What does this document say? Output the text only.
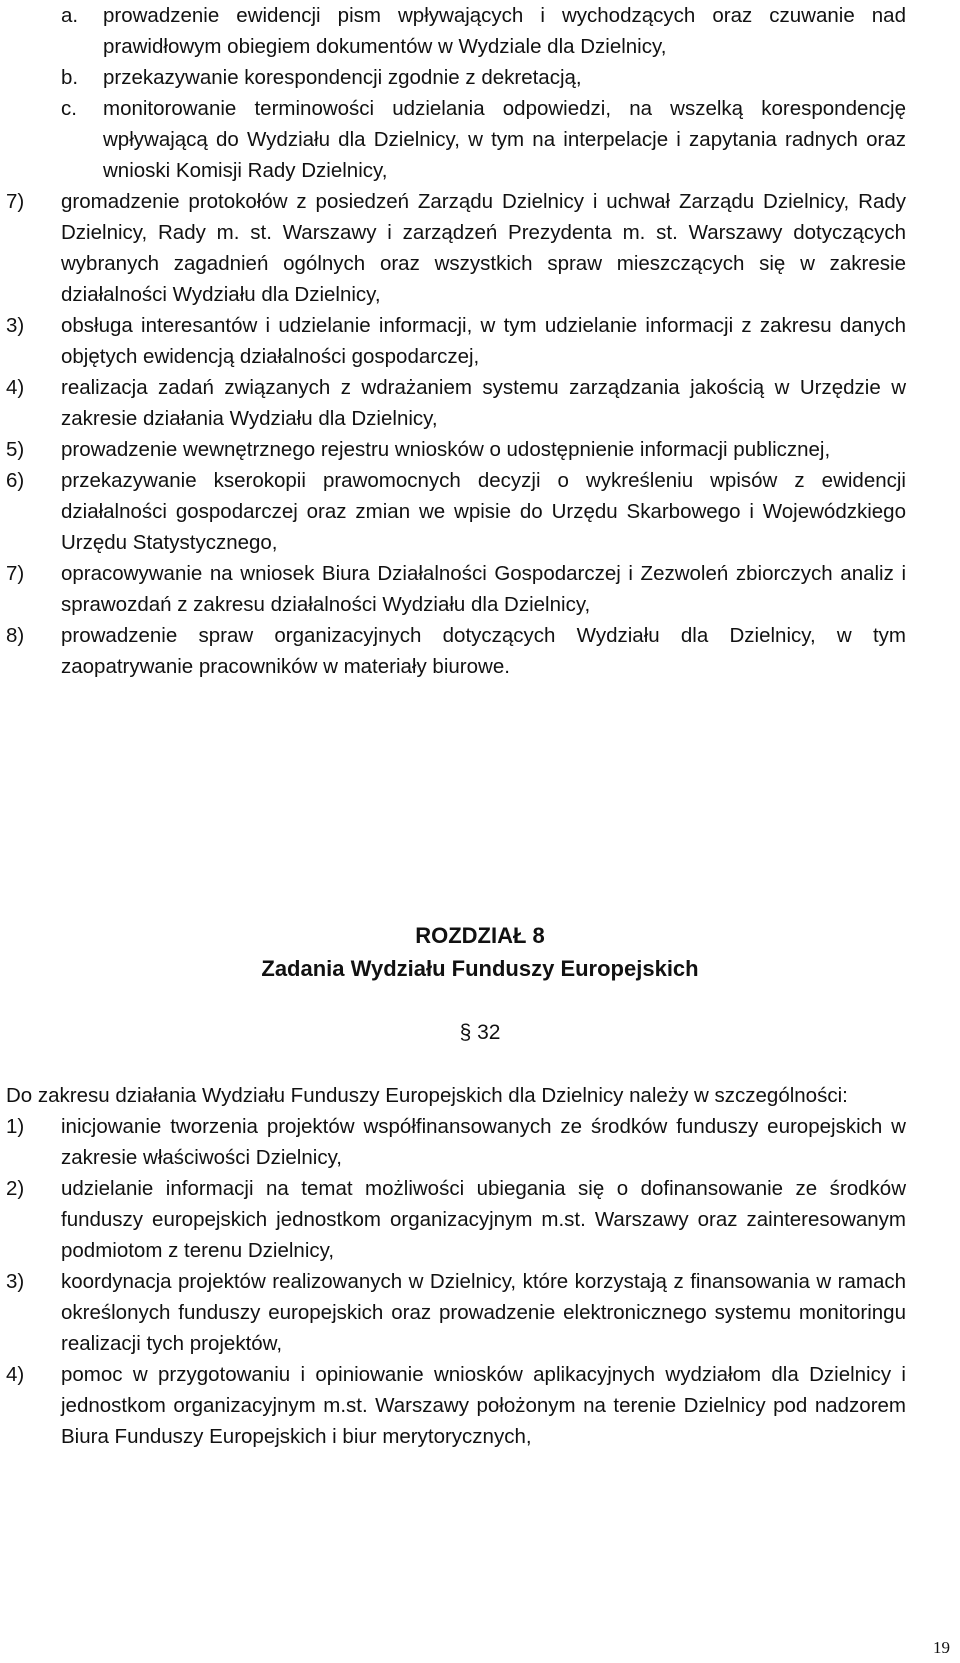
a.	prowadzenie ewidencji pism wpływających i wychodzących oraz czuwanie nad prawidłowym obiegiem dokumentów w Wydziale dla Dzielnicy,
b.	przekazywanie korespondencji zgodnie z dekretacją,
c.	monitorowanie terminowości udzielania odpowiedzi, na wszelką korespondencję wpływającą do Wydziału dla Dzielnicy, w tym na interpelacje i zapytania radnych oraz wnioski Komisji Rady Dzielnicy,
7)	gromadzenie protokołów z posiedzeń Zarządu Dzielnicy i uchwał Zarządu Dzielnicy, Rady Dzielnicy, Rady m. st. Warszawy i zarządzeń Prezydenta m. st. Warszawy dotyczących wybranych zagadnień ogólnych oraz wszystkich spraw mieszczących się w zakresie działalności Wydziału dla Dzielnicy,
3)	obsługa interesantów i udzielanie informacji, w tym udzielanie informacji z zakresu danych objętych ewidencją działalności gospodarczej,
4)	realizacja zadań związanych z wdrażaniem systemu zarządzania jakością w Urzędzie w zakresie działania Wydziału dla Dzielnicy,
5)	prowadzenie wewnętrznego rejestru wniosków o udostępnienie informacji publicznej,
6)	przekazywanie kserokopii prawomocnych decyzji o wykreśleniu wpisów z ewidencji działalności gospodarczej oraz zmian we wpisie do Urzędu Skarbowego i Wojewódzkiego Urzędu Statystycznego,
7)	opracowywanie na wniosek Biura Działalności Gospodarczej i Zezwoleń zbiorczych analiz i sprawozdań z zakresu działalności Wydziału dla Dzielnicy,
8)	prowadzenie spraw organizacyjnych dotyczących Wydziału dla Dzielnicy, w tym zaopatrywanie pracowników w materiały biurowe.
ROZDZIAŁ 8
Zadania Wydziału Funduszy Europejskich
§ 32
Do zakresu działania Wydziału Funduszy Europejskich dla Dzielnicy należy w szczególności:
1)	inicjowanie tworzenia projektów współfinansowanych ze środków funduszy europejskich w zakresie właściwości Dzielnicy,
2)	udzielanie informacji na temat możliwości ubiegania się o dofinansowanie ze środków funduszy europejskich jednostkom organizacyjnym m.st. Warszawy oraz zainteresowanym podmiotom z terenu Dzielnicy,
3)	koordynacja projektów realizowanych w Dzielnicy, które korzystają z finansowania w ramach określonych funduszy europejskich oraz prowadzenie elektronicznego systemu monitoringu realizacji tych projektów,
4)	pomoc w przygotowaniu i opiniowanie wniosków aplikacyjnych wydziałom dla Dzielnicy i jednostkom organizacyjnym m.st. Warszawy położonym na terenie Dzielnicy pod nadzorem Biura Funduszy Europejskich i biur merytorycznych,
19
